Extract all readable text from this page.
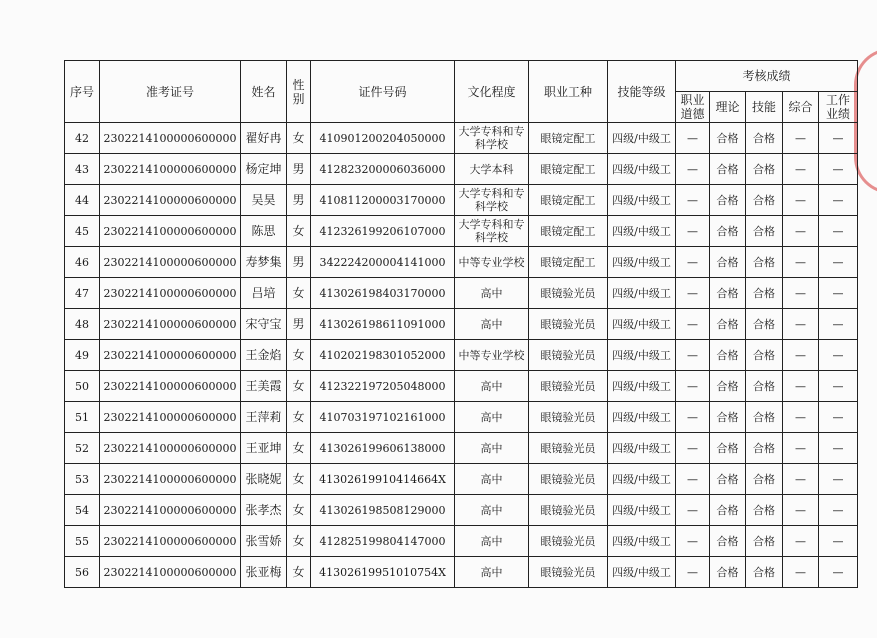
序号	准考证号	姓名	性别	证件号码	文化程度	职业工种	技能等级	考核成绩				
								职业道德	理论	技能	综合	工作业绩
42	2302214100000600000	翟好冉	女	410901200204050000	大学专科和专科学校	眼镜定配工	四级/中级工	—	合格	合格	—	—
43	2302214100000600000	杨定坤	男	412823200006036000	大学本科	眼镜定配工	四级/中级工	—	合格	合格	—	—
44	2302214100000600000	吴昊	男	410811200003170000	大学专科和专科学校	眼镜定配工	四级/中级工	—	合格	合格	—	—
45	2302214100000600000	陈思	女	412326199206107000	大学专科和专科学校	眼镜定配工	四级/中级工	—	合格	合格	—	—
46	2302214100000600000	寿梦集	男	342224200004141000	中等专业学校	眼镜定配工	四级/中级工	—	合格	合格	—	—
47	2302214100000600000	吕培	女	413026198403170000	高中	眼镜验光员	四级/中级工	—	合格	合格	—	—
48	2302214100000600000	宋守宝	男	413026198611091000	高中	眼镜验光员	四级/中级工	—	合格	合格	—	—
49	2302214100000600000	王金焰	女	410202198301052000	中等专业学校	眼镜验光员	四级/中级工	—	合格	合格	—	—
50	2302214100000600000	王美霞	女	412322197205048000	高中	眼镜验光员	四级/中级工	—	合格	合格	—	—
51	2302214100000600000	王萍莉	女	410703197102161000	高中	眼镜验光员	四级/中级工	—	合格	合格	—	—
52	2302214100000600000	王亚坤	女	413026199606138000	高中	眼镜验光员	四级/中级工	—	合格	合格	—	—
53	2302214100000600000	张晓妮	女	41302619910414664X	高中	眼镜验光员	四级/中级工	—	合格	合格	—	—
54	2302214100000600000	张孝杰	女	413026198508129000	高中	眼镜验光员	四级/中级工	—	合格	合格	—	—
55	2302214100000600000	张雪娇	女	412825199804147000	高中	眼镜验光员	四级/中级工	—	合格	合格	—	—
56	2302214100000600000	张亚梅	女	41302619951010754X	高中	眼镜验光员	四级/中级工	—	合格	合格	—	—
